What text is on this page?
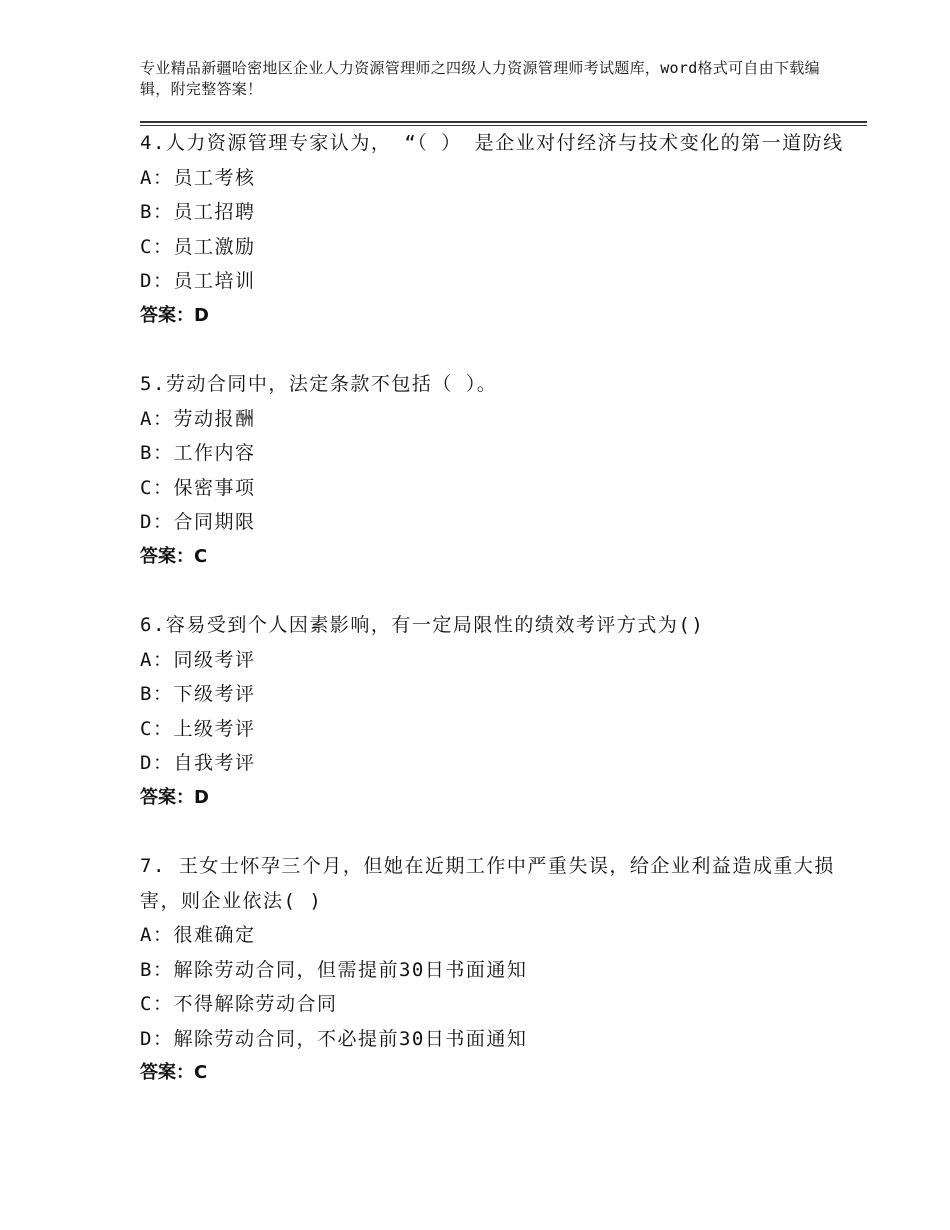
专业精品新疆哈密地区企业人力资源管理师之四级人力资源管理师考试题库，word格式可自由下载编辑，附完整答案！

4.人力资源管理专家认为， “（ ） 是企业对付经济与技术变化的第一道防线

A：员工考核

B：员工招聘

C：员工激励

D：员工培训

答案：D

5.劳动合同中，法定条款不包括（ ）。

A：劳动报酬

B：工作内容

C：保密事项

D：合同期限

答案：C

6.容易受到个人因素影响，有一定局限性的绩效考评方式为()

A：同级考评

B：下级考评

C：上级考评

D：自我考评

答案：D

7. 王女士怀孕三个月，但她在近期工作中严重失误，给企业利益造成重大损害，则企业依法( )

A：很难确定

B：解除劳动合同，但需提前30日书面通知

C：不得解除劳动合同

D：解除劳动合同，不必提前30日书面通知

答案：C
